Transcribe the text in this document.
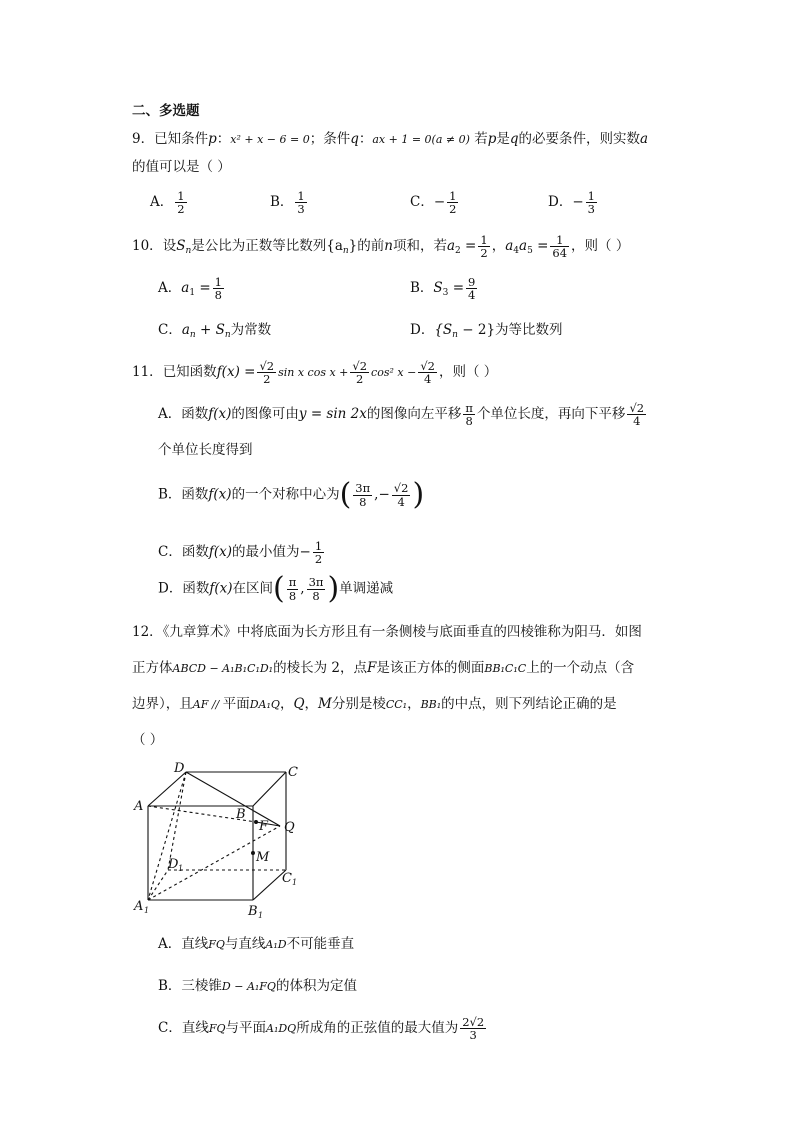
二、多选题
9．已知条件p：x² + x − 6 = 0；条件q：ax + 1 = 0(a ≠ 0) 若p是q的必要条件，则实数a
的值可以是（ ）
A． $\frac{1}{2}$	B． $\frac{1}{3}$	C．− $\frac{1}{2}$	D．− $\frac{1}{3}$
10．设$S_n$是公比为正数等比数列$\{a_n\}$的前n项和，若$a_2 = \frac{1}{2}$ ，$a_4a_5 = \frac{1}{64}$ ，则（ ）
A．$a_1 = \frac{1}{8}$	B．$S_3 = \frac{9}{4}$
C．$a_n + S_n$为常数	D．$\{S_n - 2\}$为等比数列
11．已知函数$f(x) = \frac{√2}{2}$ sin x $\cos x + \frac{√2}{2} \cos^2$ $x - \frac{√2}{4}$ ，则（ ）
A．函数f(x)的图像可由y = sin 2x的图像向左平移 $\frac{\pi}{8}$ 个单位长度，再向下平移 $\frac{√2}{4}$
个单位长度得到
B．函数f(x)的一个对称中心为( $\frac{3\pi}{8}$ ,− $\frac{√2}{4}$ )
C．函数f(x)的最小值为− $\frac{1}{2}$
D．函数f(x)在区间( $\frac{\pi}{8}$ , $\frac{3\pi}{8}$ )单调递减
12．《九章算术》中将底面为长方形且有一条侧棱与底面垂直的四棱锥称为阳马．如图
正方体ABCD − A₁B₁C₁D₁的棱长为 2，点F是该正方体的侧面BB₁C₁C上的一个动点（含
边界），且AF // 平面DA₁Q，Q，M分别是棱CC₁，BB₁的中点，则下列结论正确的是
（ ）
A
D	C
B
F Q
M
D 1
C 1
A 1	B 1
A．直线FQ与直线A₁D不可能垂直
B．三棱锥D − A₁FQ的体积为定值
C．直线FQ与平面A₁DQ所成角的正弦值的最大值为 $\frac{2√2}{3}$
